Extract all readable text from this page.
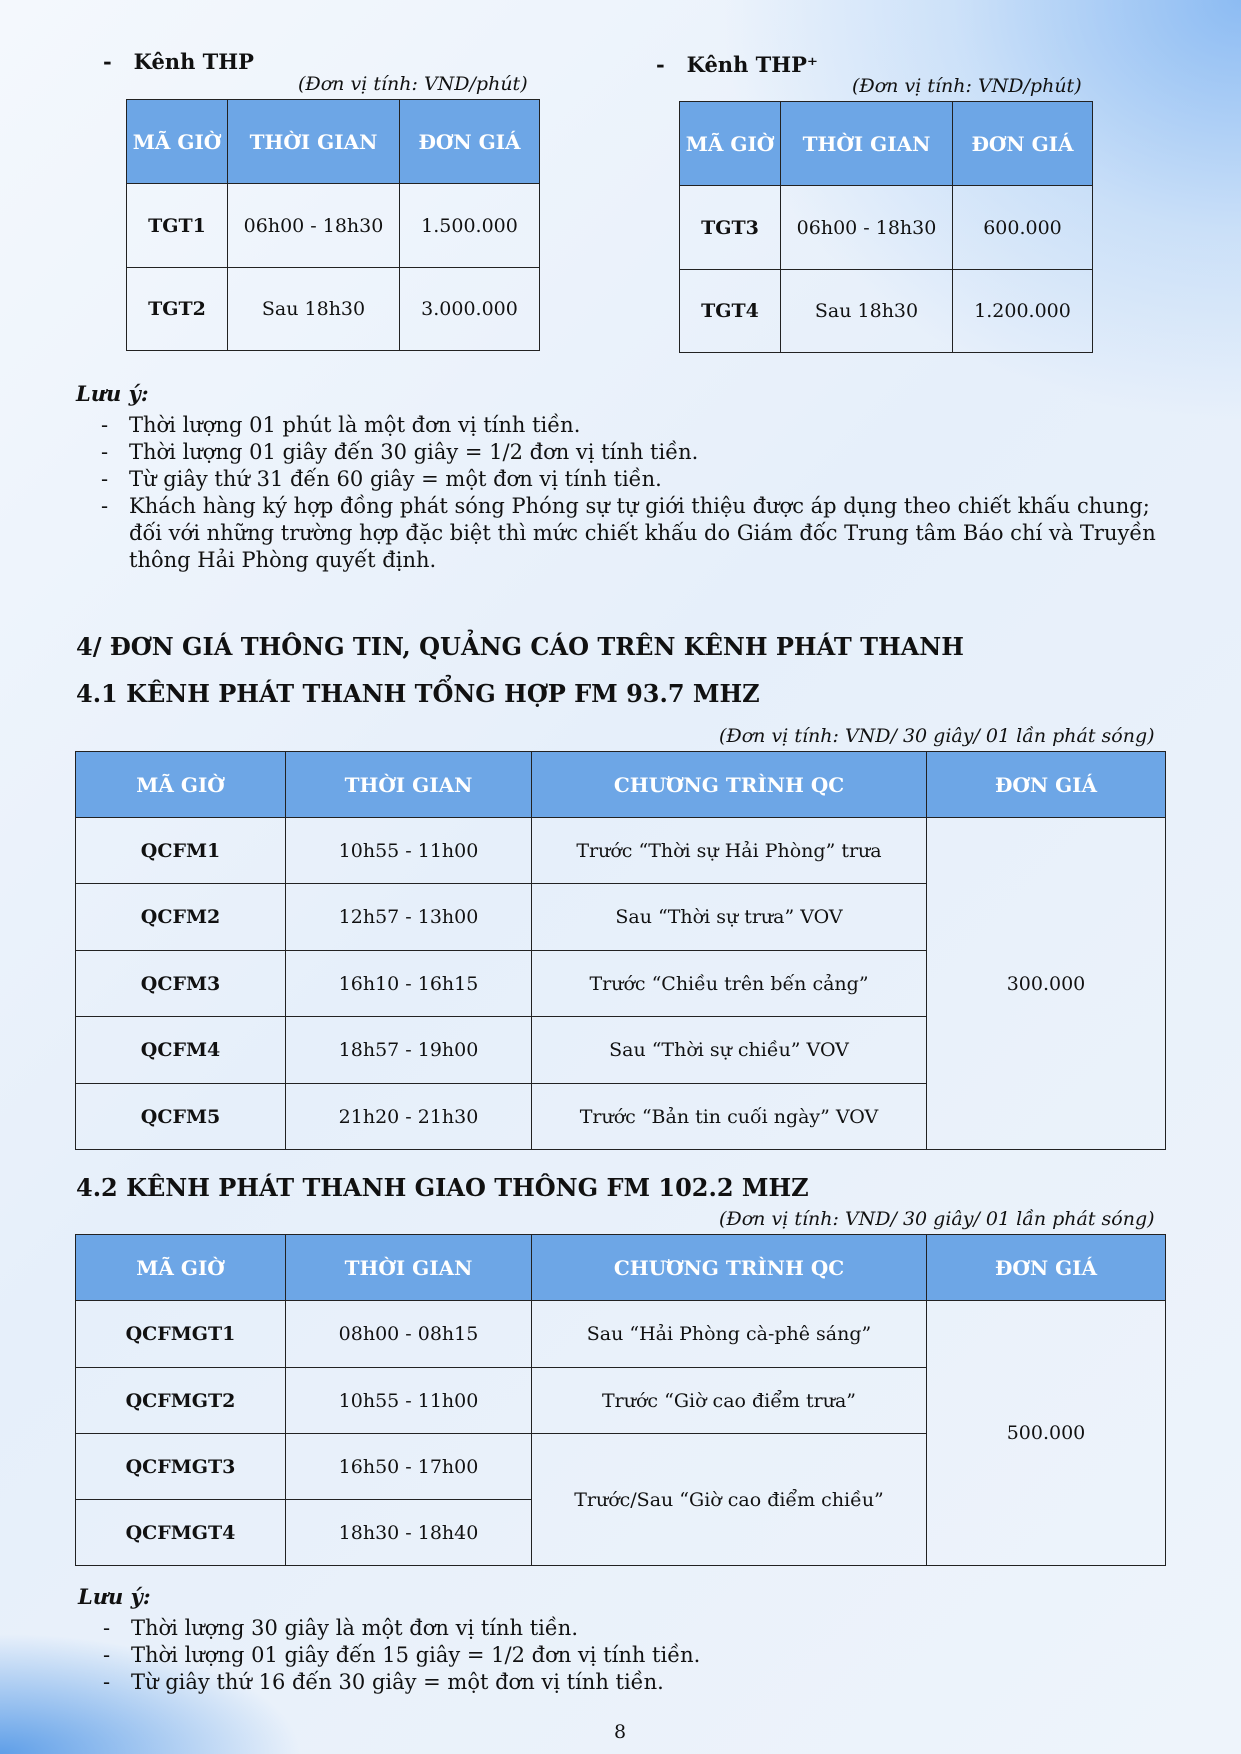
-   Kênh THP
(Đơn vị tính: VND/phút)
MÃ GIỜ	THỜI GIAN	ĐƠN GIÁ
TGT1	06h00 - 18h30	1.500.000
TGT2	Sau 18h30	3.000.000
-   Kênh THP⁺
(Đơn vị tính: VND/phút)
MÃ GIỜ	THỜI GIAN	ĐƠN GIÁ
TGT3	06h00 - 18h30	600.000
TGT4	Sau 18h30	1.200.000
Lưu ý:
- Thời lượng 01 phút là một đơn vị tính tiền.
- Thời lượng 01 giây đến 30 giây = 1/2 đơn vị tính tiền.
- Từ giây thứ 31 đến 60 giây = một đơn vị tính tiền.
- Khách hàng ký hợp đồng phát sóng Phóng sự tự giới thiệu được áp dụng theo chiết khấu chung; đối với những trường hợp đặc biệt thì mức chiết khấu do Giám đốc Trung tâm Báo chí và Truyền thông Hải Phòng quyết định.
4/ ĐƠN GIÁ THÔNG TIN, QUẢNG CÁO TRÊN KÊNH PHÁT THANH
4.1 KÊNH PHÁT THANH TỔNG HỢP FM 93.7 MHZ
(Đơn vị tính: VND/ 30 giây/ 01 lần phát sóng)
MÃ GIỜ	THỜI GIAN	CHƯƠNG TRÌNH QC	ĐƠN GIÁ
QCFM1	10h55 - 11h00	Trước “Thời sự Hải Phòng” trưa	300.000
QCFM2	12h57 - 13h00	Sau “Thời sự trưa” VOV	
QCFM3	16h10 - 16h15	Trước “Chiều trên bến cảng”	
QCFM4	18h57 - 19h00	Sau “Thời sự chiều” VOV	
QCFM5	21h20 - 21h30	Trước “Bản tin cuối ngày” VOV	
4.2 KÊNH PHÁT THANH GIAO THÔNG FM 102.2 MHZ
(Đơn vị tính: VND/ 30 giây/ 01 lần phát sóng)
MÃ GIỜ	THỜI GIAN	CHƯƠNG TRÌNH QC	ĐƠN GIÁ
QCFMGT1	08h00 - 08h15	Sau “Hải Phòng cà-phê sáng”	500.000
QCFMGT2	10h55 - 11h00	Trước “Giờ cao điểm trưa”	
QCFMGT3	16h50 - 17h00	Trước/Sau “Giờ cao điểm chiều”	
QCFMGT4	18h30 - 18h40		
Lưu ý:
- Thời lượng 30 giây là một đơn vị tính tiền.
- Thời lượng 01 giây đến 15 giây = 1/2 đơn vị tính tiền.
- Từ giây thứ 16 đến 30 giây = một đơn vị tính tiền.
8
